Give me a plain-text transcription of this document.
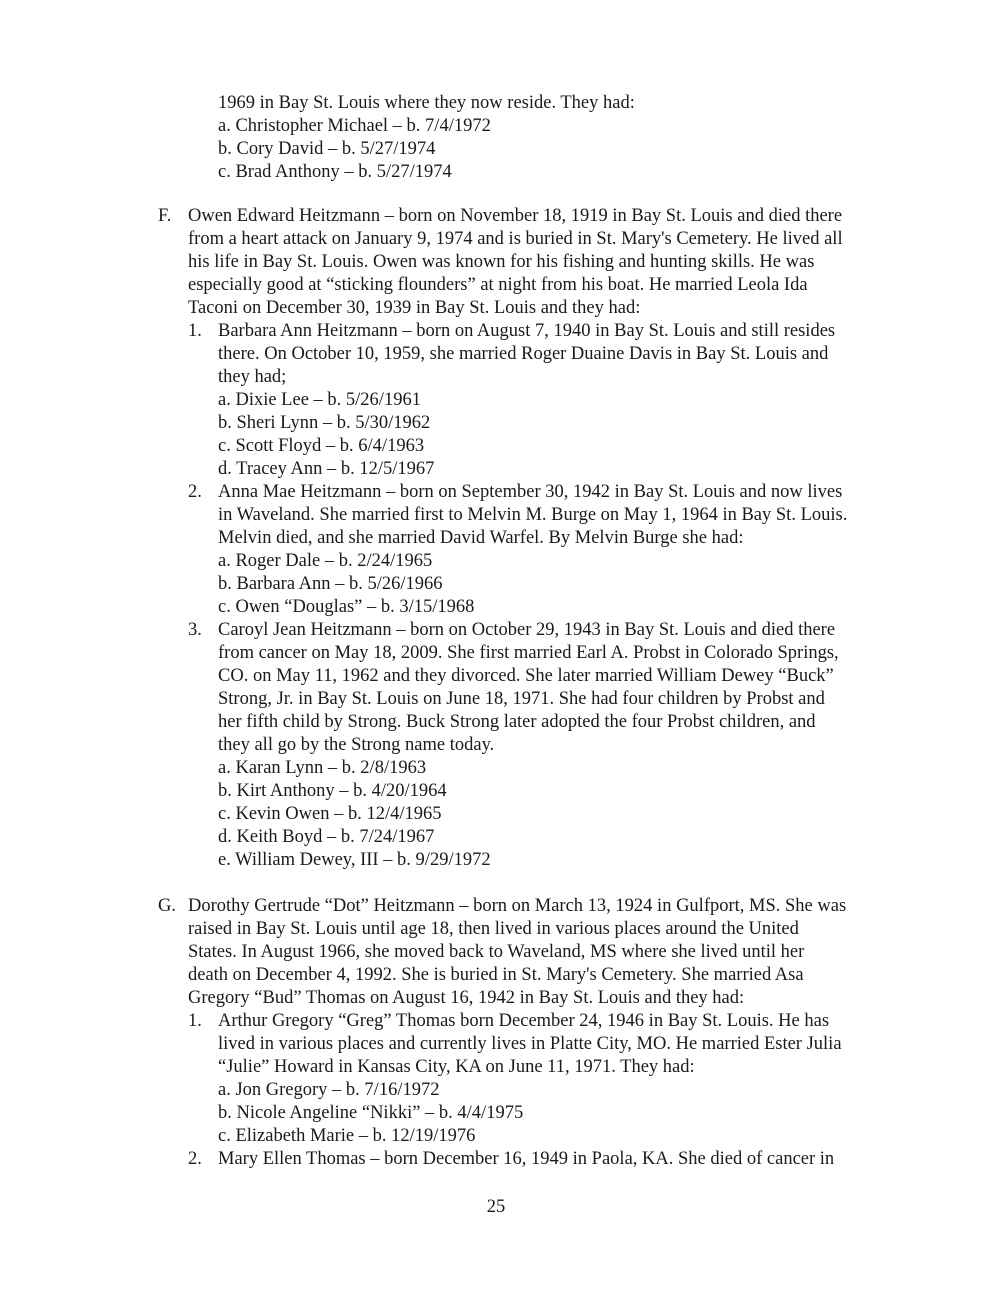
1969 in Bay St. Louis where they now reside. They had:
a. Christopher Michael – b. 7/4/1972
b. Cory David – b. 5/27/1974
c. Brad Anthony – b. 5/27/1974
F. Owen Edward Heitzmann – born on November 18, 1919 in Bay St. Louis and died there
from a heart attack on January 9, 1974 and is buried in St. Mary's Cemetery. He lived all
his life in Bay St. Louis. Owen was known for his fishing and hunting skills. He was
especially good at “sticking flounders” at night from his boat. He married Leola Ida
Taconi on December 30, 1939 in Bay St. Louis and they had:
1. Barbara Ann Heitzmann – born on August 7, 1940 in Bay St. Louis and still resides
there. On October 10, 1959, she married Roger Duaine Davis in Bay St. Louis and
they had;
a. Dixie Lee – b. 5/26/1961
b. Sheri Lynn – b. 5/30/1962
c. Scott Floyd – b. 6/4/1963
d. Tracey Ann – b. 12/5/1967
2. Anna Mae Heitzmann – born on September 30, 1942 in Bay St. Louis and now lives
in Waveland. She married first to Melvin M. Burge on May 1, 1964 in Bay St. Louis.
Melvin died, and she married David Warfel. By Melvin Burge she had:
a. Roger Dale – b. 2/24/1965
b. Barbara Ann – b. 5/26/1966
c. Owen “Douglas” – b. 3/15/1968
3. Caroyl Jean Heitzmann – born on October 29, 1943 in Bay St. Louis and died there
from cancer on May 18, 2009. She first married Earl A. Probst in Colorado Springs,
CO. on May 11, 1962 and they divorced. She later married William Dewey “Buck”
Strong, Jr. in Bay St. Louis on June 18, 1971. She had four children by Probst and
her fifth child by Strong. Buck Strong later adopted the four Probst children, and
they all go by the Strong name today.
a. Karan Lynn – b. 2/8/1963
b. Kirt Anthony – b. 4/20/1964
c. Kevin Owen – b. 12/4/1965
d. Keith Boyd – b. 7/24/1967
e. William Dewey, III – b. 9/29/1972
G. Dorothy Gertrude “Dot” Heitzmann – born on March 13, 1924 in Gulfport, MS. She was
raised in Bay St. Louis until age 18, then lived in various places around the United
States. In August 1966, she moved back to Waveland, MS where she lived until her
death on December 4, 1992. She is buried in St. Mary's Cemetery. She married Asa
Gregory “Bud” Thomas on August 16, 1942 in Bay St. Louis and they had:
1. Arthur Gregory “Greg” Thomas born December 24, 1946 in Bay St. Louis. He has
lived in various places and currently lives in Platte City, MO. He married Ester Julia
“Julie” Howard in Kansas City, KA on June 11, 1971. They had:
a. Jon Gregory – b. 7/16/1972
b. Nicole Angeline “Nikki” – b. 4/4/1975
c. Elizabeth Marie – b. 12/19/1976
2. Mary Ellen Thomas – born December 16, 1949 in Paola, KA. She died of cancer in
25
